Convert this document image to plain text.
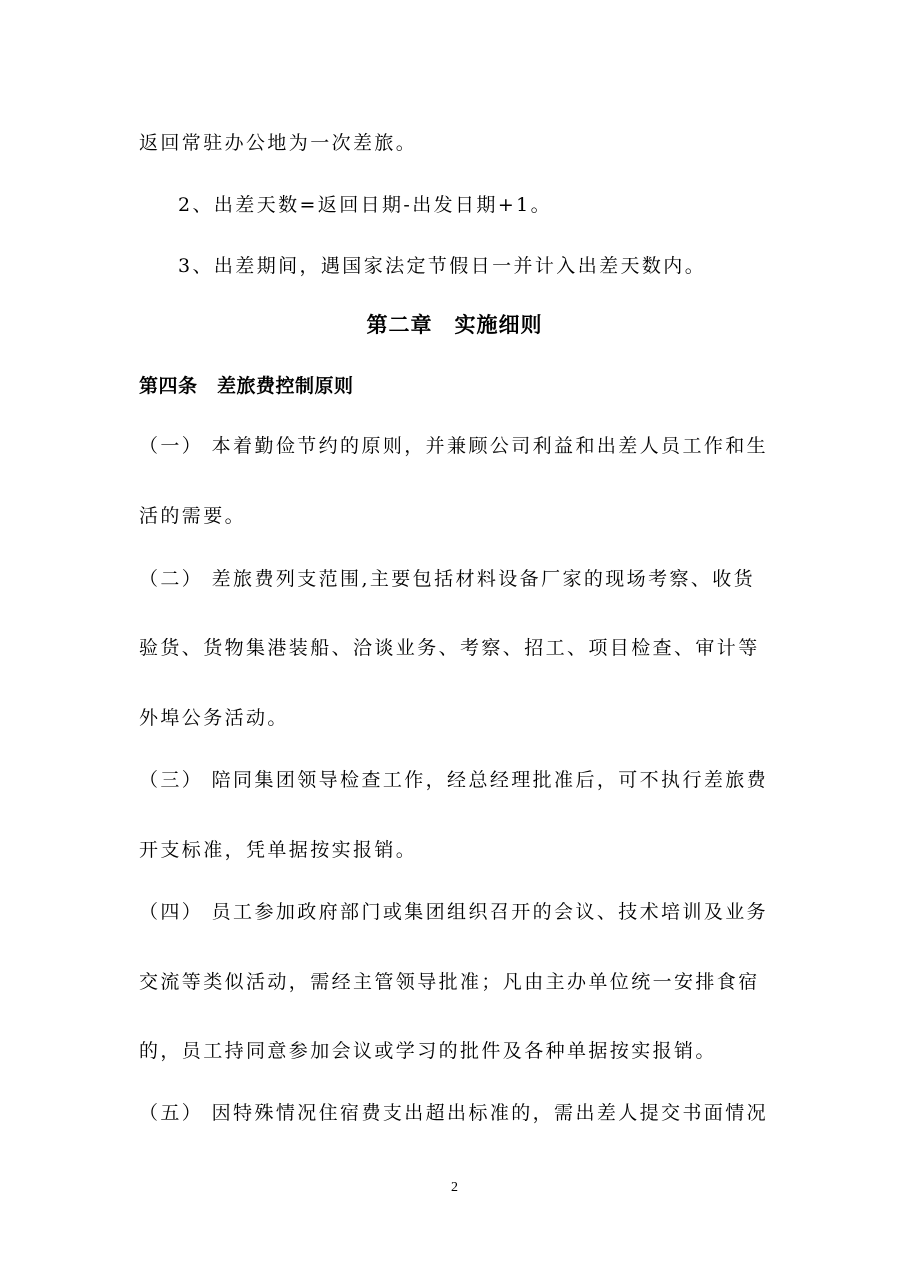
返回常驻办公地为一次差旅。
2、出差天数=返回日期-出发日期+1。
3、出差期间，遇国家法定节假日一并计入出差天数内。
第二章　实施细则
第四条　差旅费控制原则
（一） 本着勤俭节约的原则，并兼顾公司利益和出差人员工作和生
活的需要。
（二） 差旅费列支范围,主要包括材料设备厂家的现场考察、收货
验货、货物集港装船、洽谈业务、考察、招工、项目检查、审计等
外埠公务活动。
（三） 陪同集团领导检查工作，经总经理批准后，可不执行差旅费
开支标准，凭单据按实报销。
（四） 员工参加政府部门或集团组织召开的会议、技术培训及业务
交流等类似活动，需经主管领导批准；凡由主办单位统一安排食宿
的，员工持同意参加会议或学习的批件及各种单据按实报销。
（五） 因特殊情况住宿费支出超出标准的，需出差人提交书面情况
2
